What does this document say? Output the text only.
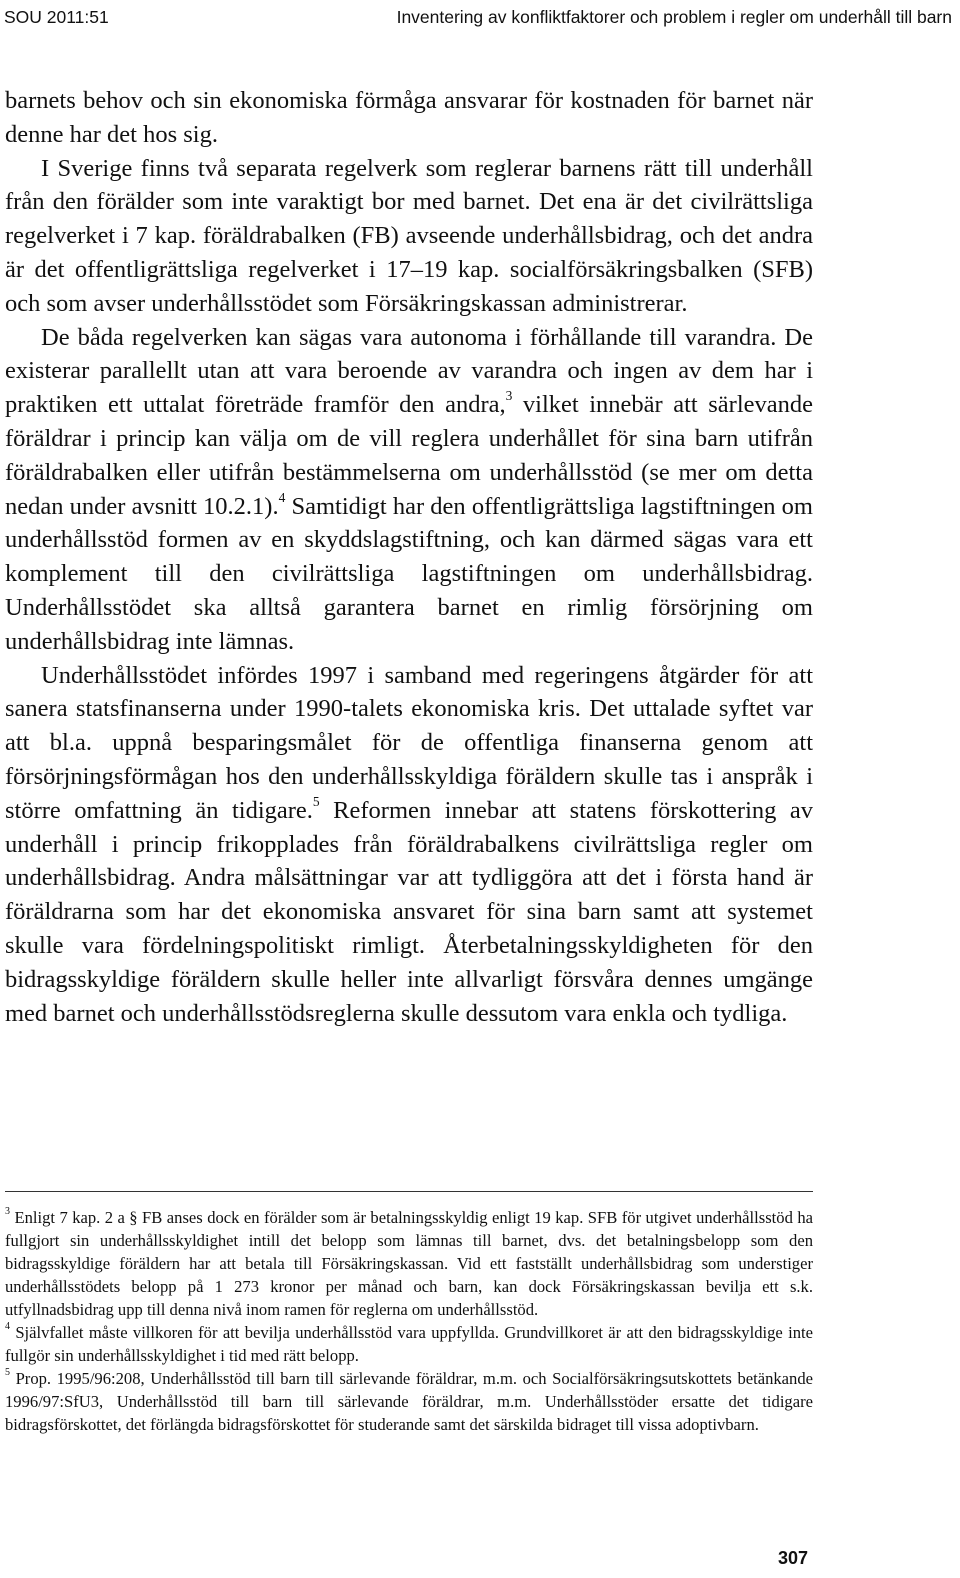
SOU 2011:51	Inventering av konfliktfaktorer och problem i regler om underhåll till barn

barnets behov och sin ekonomiska förmåga ansvarar för kostnaden för barnet när denne har det hos sig.

I Sverige finns två separata regelverk som reglerar barnens rätt till underhåll från den förälder som inte varaktigt bor med barnet. Det ena är det civilrättsliga regelverket i 7 kap. föräldrabalken (FB) avseende underhållsbidrag, och det andra är det offentligrättsliga regelverket i 17–19 kap. socialförsäkringsbalken (SFB) och som avser underhållsstödet som Försäkringskassan administrerar.

De båda regelverken kan sägas vara autonoma i förhållande till varandra. De existerar parallellt utan att vara beroende av varandra och ingen av dem har i praktiken ett uttalat företräde framför den andra,$^3$ vilket innebär att särlevande föräldrar i princip kan välja om de vill reglera underhållet för sina barn utifrån föräldrabalken eller utifrån bestämmelserna om underhållsstöd (se mer om detta nedan under avsnitt 10.2.1).$^4$ Samtidigt har den offentligrättsliga lagstiftningen om underhållsstöd formen av en skyddslagstiftning, och kan därmed sägas vara ett komplement till den civilrättsliga lagstiftningen om underhållsbidrag. Underhållsstödet ska alltså garantera barnet en rimlig försörjning om underhållsbidrag inte lämnas.

Underhållsstödet infördes 1997 i samband med regeringens åtgärder för att sanera statsfinanserna under 1990-talets ekonomiska kris. Det uttalade syftet var att bl.a. uppnå besparingsmålet för de offentliga finanserna genom att försörjningsförmågan hos den underhållsskyldiga föräldern skulle tas i anspråk i större omfattning än tidigare.$^5$ Reformen innebar att statens förskottering av underhåll i princip frikopplades från föräldrabalkens civilrättsliga regler om underhållsbidrag. Andra målsättningar var att tydliggöra att det i första hand är föräldrarna som har det ekonomiska ansvaret för sina barn samt att systemet skulle vara fördelningspolitiskt rimligt. Återbetalningsskyldigheten för den bidragsskyldige föräldern skulle heller inte allvarligt försvåra dennes umgänge med barnet och underhållsstödsreglerna skulle dessutom vara enkla och tydliga.

$^3$ Enligt 7 kap. 2 a § FB anses dock en förälder som är betalningsskyldig enligt 19 kap. SFB för utgivet underhållsstöd ha fullgjort sin underhållsskyldighet intill det belopp som lämnas till barnet, dvs. det betalningsbelopp som den bidragsskyldige föräldern har att betala till Försäkringskassan. Vid ett fastställt underhållsbidrag som understiger underhållsstödets belopp på 1 273 kronor per månad och barn, kan dock Försäkringskassan bevilja ett s.k. utfyllnadsbidrag upp till denna nivå inom ramen för reglerna om underhållsstöd.

$^4$ Självfallet måste villkoren för att bevilja underhållsstöd vara uppfyllda. Grundvillkoret är att den bidragsskyldige inte fullgör sin underhållsskyldighet i tid med rätt belopp.

$^5$ Prop. 1995/96:208, Underhållsstöd till barn till särlevande föräldrar, m.m. och Socialförsäkringsutskottets betänkande 1996/97:SfU3, Underhållsstöd till barn till särlevande föräldrar, m.m. Underhållsstöder ersatte det tidigare bidragsförskottet, det förlängda bidragsförskottet för studerande samt det särskilda bidraget till vissa adoptivbarn.

307
